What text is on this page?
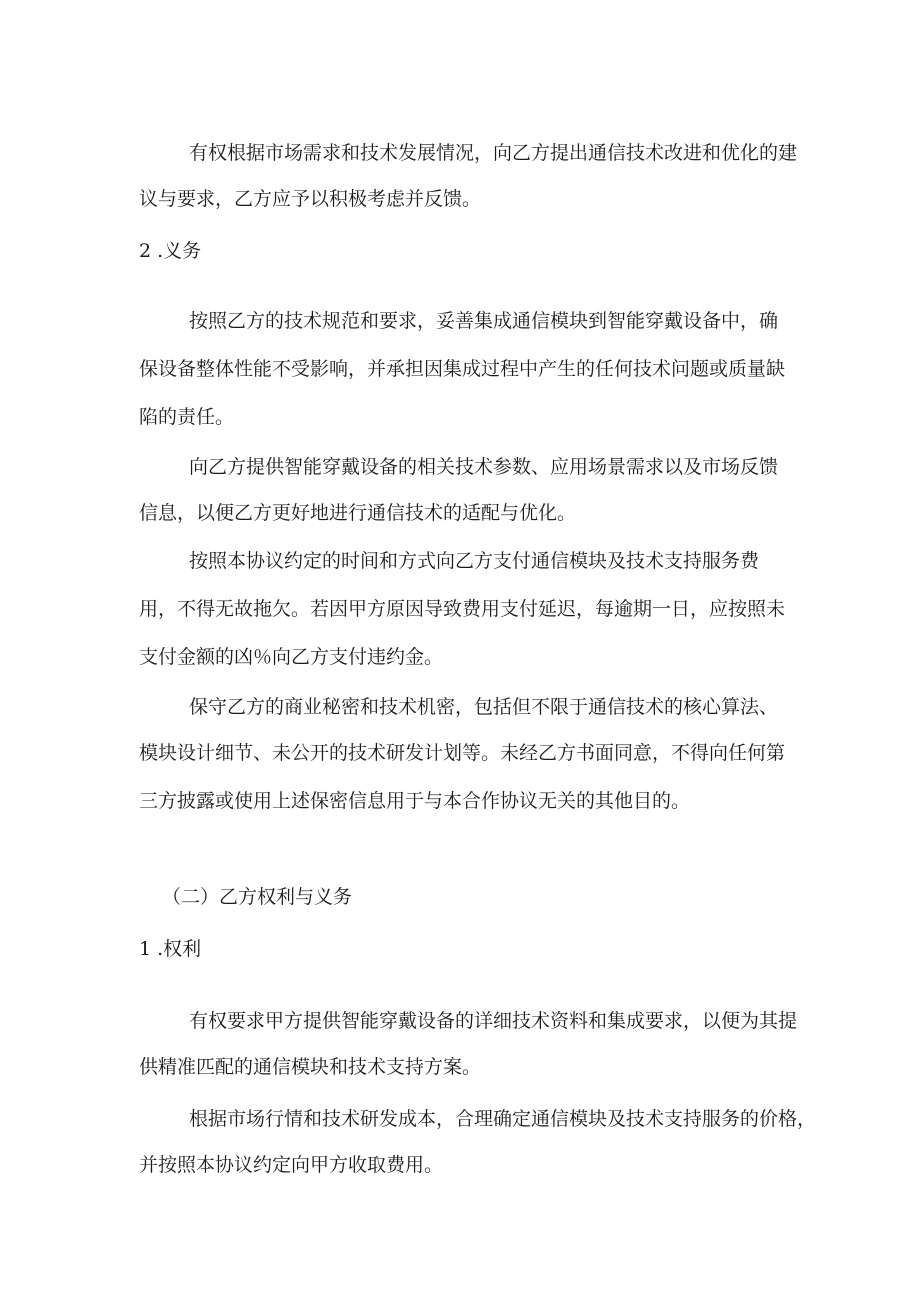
有权根据市场需求和技术发展情况，向乙方提出通信技术改进和优化的建

议与要求，乙方应予以积极考虑并反馈。

2 .义务

按照乙方的技术规范和要求，妥善集成通信模块到智能穿戴设备中，确

保设备整体性能不受影响，并承担因集成过程中产生的任何技术问题或质量缺

陷的责任。

向乙方提供智能穿戴设备的相关技术参数、应用场景需求以及市场反馈

信息，以便乙方更好地进行通信技术的适配与优化。

按照本协议约定的时间和方式向乙方支付通信模块及技术支持服务费

用，不得无故拖欠。若因甲方原因导致费用支付延迟，每逾期一日，应按照未

支付金额的凶％向乙方支付违约金。

保守乙方的商业秘密和技术机密，包括但不限于通信技术的核心算法、

模块设计细节、未公开的技术研发计划等。未经乙方书面同意，不得向任何第

三方披露或使用上述保密信息用于与本合作协议无关的其他目的。

（二）乙方权利与义务

1 .权利

有权要求甲方提供智能穿戴设备的详细技术资料和集成要求，以便为其提

供精准匹配的通信模块和技术支持方案。

根据市场行情和技术研发成本，合理确定通信模块及技术支持服务的价格，

并按照本协议约定向甲方收取费用。
